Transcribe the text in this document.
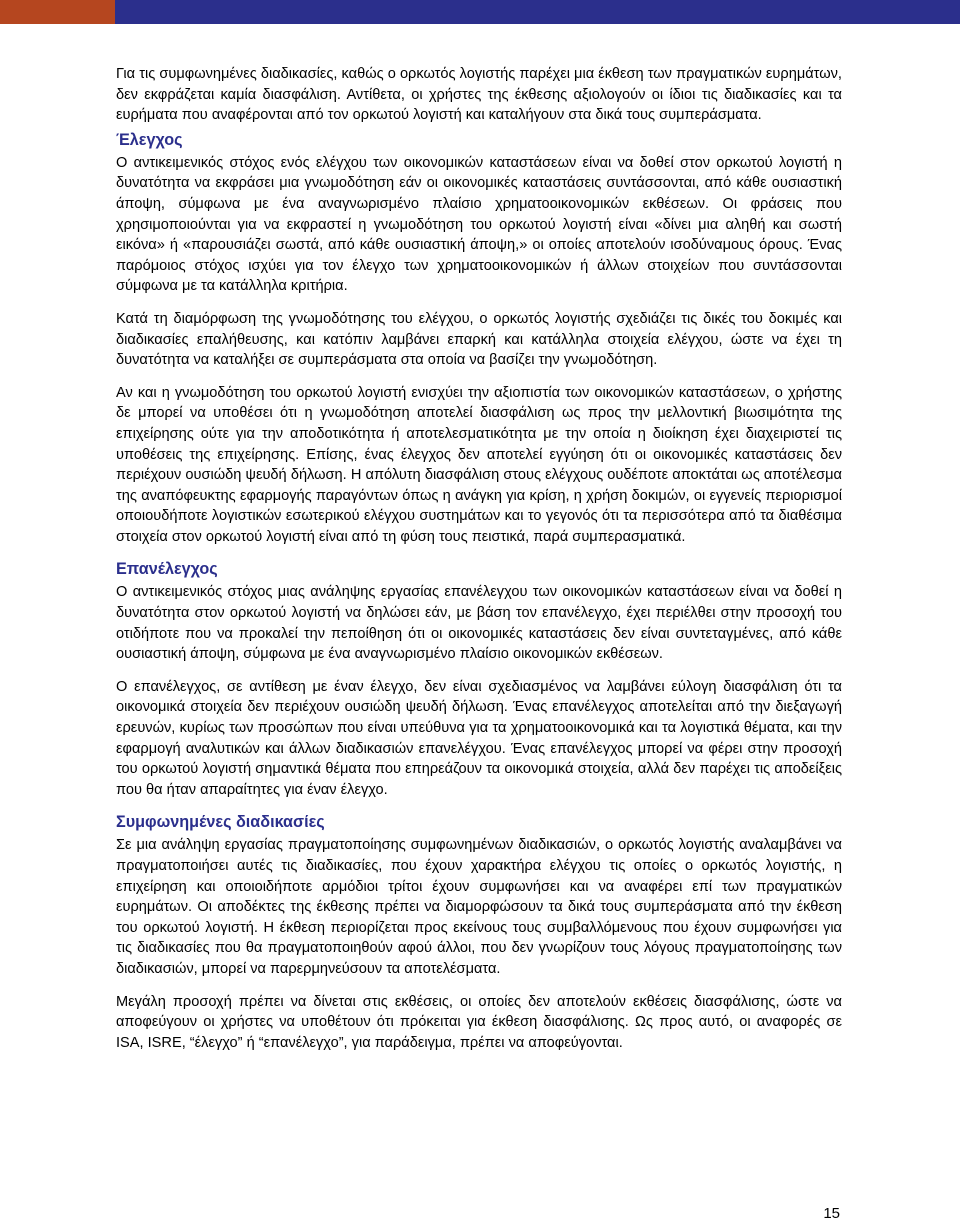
Για τις συμφωνημένες διαδικασίες, καθώς ο ορκωτός λογιστής παρέχει μια έκθεση των πραγματικών ευρημάτων, δεν εκφράζεται καμία διασφάλιση. Αντίθετα, οι χρήστες της έκθεσης αξιολογούν οι ίδιοι τις διαδικασίες και τα ευρήματα που αναφέρονται από τον ορκωτού λογιστή και καταλήγουν στα δικά τους συμπεράσματα.

Έλεγχος

Ο αντικειμενικός στόχος ενός ελέγχου των οικονομικών καταστάσεων είναι να δοθεί στον ορκωτού λογιστή η δυνατότητα να εκφράσει μια γνωμοδότηση εάν οι οικονομικές καταστάσεις συντάσσονται, από κάθε ουσιαστική άποψη, σύμφωνα με ένα αναγνωρισμένο πλαίσιο χρηματοοικονομικών εκθέσεων. Οι φράσεις που χρησιμοποιούνται για να εκφραστεί η γνωμοδότηση του ορκωτού λογιστή είναι «δίνει μια αληθή και σωστή εικόνα» ή «παρουσιάζει σωστά, από κάθε ουσιαστική άποψη,» οι οποίες αποτελούν ισοδύναμους όρους. Ένας παρόμοιος στόχος ισχύει για τον έλεγχο των χρηματοοικονομικών ή άλλων στοιχείων που συντάσσονται σύμφωνα με τα κατάλληλα κριτήρια.

Κατά τη διαμόρφωση της γνωμοδότησης του ελέγχου, ο ορκωτός λογιστής σχεδιάζει τις δικές του δοκιμές και διαδικασίες επαλήθευσης, και κατόπιν λαμβάνει επαρκή και κατάλληλα στοιχεία ελέγχου, ώστε να έχει τη δυνατότητα να καταλήξει σε συμπεράσματα στα οποία να βασίζει την γνωμοδότηση.

Αν και η γνωμοδότηση του ορκωτού λογιστή ενισχύει την αξιοπιστία των οικονομικών καταστάσεων, ο χρήστης δε μπορεί να υποθέσει ότι η γνωμοδότηση αποτελεί διασφάλιση ως προς την μελλοντική βιωσιμότητα της επιχείρησης ούτε για την αποδοτικότητα ή αποτελεσματικότητα με την οποία η διοίκηση έχει διαχειριστεί τις υποθέσεις της επιχείρησης. Επίσης, ένας έλεγχος δεν αποτελεί εγγύηση ότι οι οικονομικές καταστάσεις δεν περιέχουν ουσιώδη ψευδή δήλωση. Η απόλυτη διασφάλιση στους ελέγχους ουδέποτε αποκτάται ως αποτέλεσμα της αναπόφευκτης εφαρμογής παραγόντων όπως η ανάγκη για κρίση, η χρήση δοκιμών, οι εγγενείς περιορισμοί οποιουδήποτε λογιστικών εσωτερικού ελέγχου συστημάτων και το γεγονός ότι τα περισσότερα από τα διαθέσιμα στοιχεία στον ορκωτού λογιστή είναι από τη φύση τους πειστικά, παρά συμπερασματικά.

Επανέλεγχος

Ο αντικειμενικός στόχος μιας ανάληψης εργασίας επανέλεγχου των οικονομικών καταστάσεων είναι να δοθεί η δυνατότητα στον ορκωτού λογιστή να δηλώσει εάν, με βάση τον επανέλεγχο, έχει περιέλθει στην προσοχή του οτιδήποτε που να προκαλεί την πεποίθηση ότι οι οικονομικές καταστάσεις δεν είναι συντεταγμένες, από κάθε ουσιαστική άποψη, σύμφωνα με ένα αναγνωρισμένο πλαίσιο οικονομικών εκθέσεων.

Ο επανέλεγχος, σε αντίθεση με έναν έλεγχο, δεν είναι σχεδιασμένος να λαμβάνει εύλογη διασφάλιση ότι τα οικονομικά στοιχεία δεν περιέχουν ουσιώδη ψευδή δήλωση. Ένας επανέλεγχος αποτελείται από την διεξαγωγή ερευνών, κυρίως των προσώπων που είναι υπεύθυνα για τα χρηματοοικονομικά και τα λογιστικά θέματα, και την εφαρμογή αναλυτικών και άλλων διαδικασιών επανελέγχου. Ένας επανέλεγχος μπορεί να φέρει στην προσοχή του ορκωτού λογιστή σημαντικά θέματα που επηρεάζουν τα οικονομικά στοιχεία, αλλά δεν παρέχει τις αποδείξεις που θα ήταν απαραίτητες για έναν έλεγχο.

Συμφωνημένες διαδικασίες

Σε μια ανάληψη εργασίας πραγματοποίησης συμφωνημένων διαδικασιών, ο ορκωτός λογιστής αναλαμβάνει να πραγματοποιήσει αυτές τις διαδικασίες, που έχουν χαρακτήρα ελέγχου τις οποίες ο ορκωτός λογιστής, η επιχείρηση και οποιοιδήποτε αρμόδιοι τρίτοι έχουν συμφωνήσει και να αναφέρει επί των πραγματικών ευρημάτων. Οι αποδέκτες της έκθεσης πρέπει να διαμορφώσουν τα δικά τους συμπεράσματα από την έκθεση του ορκωτού λογιστή. Η έκθεση περιορίζεται προς εκείνους τους συμβαλλόμενους που έχουν συμφωνήσει για τις διαδικασίες που θα πραγματοποιηθούν αφού άλλοι, που δεν γνωρίζουν τους λόγους πραγματοποίησης των διαδικασιών, μπορεί να παρερμηνεύσουν τα αποτελέσματα.

Μεγάλη προσοχή πρέπει να δίνεται στις εκθέσεις, οι οποίες δεν αποτελούν εκθέσεις διασφάλισης, ώστε να αποφεύγουν οι χρήστες να υποθέτουν ότι πρόκειται για έκθεση διασφάλισης. Ως προς αυτό, οι αναφορές σε ISA, ISRE, “έλεγχο” ή “επανέλεγχο”, για παράδειγμα, πρέπει να αποφεύγονται.

15
